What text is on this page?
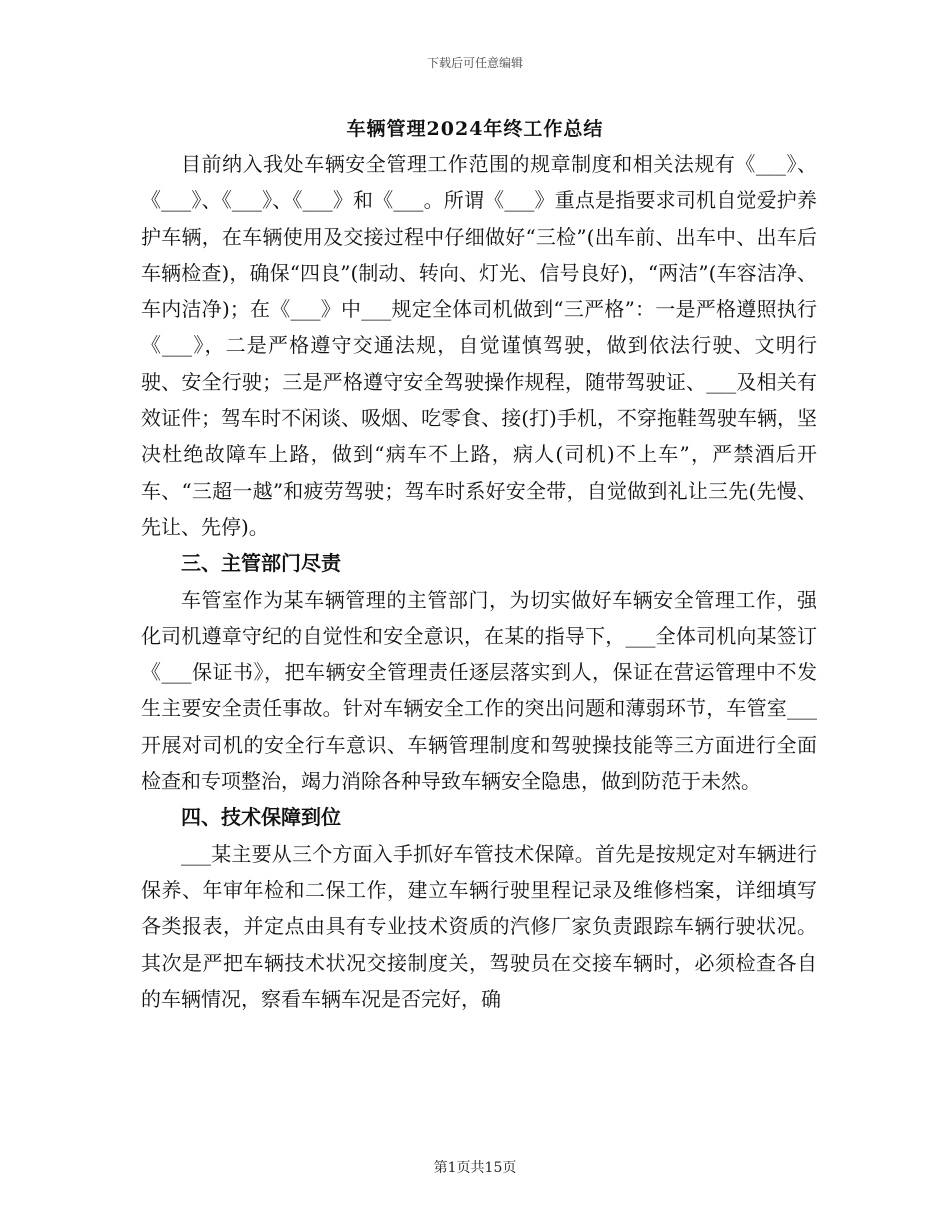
下载后可任意编辑
车辆管理2024年终工作总结

目前纳入我处车辆安全管理工作范围的规章制度和相关法规有《___》、《___》、《___》、《___》和《___。所谓《___》重点是指要求司机自觉爱护养护车辆，在车辆使用及交接过程中仔细做好“三检”(出车前、出车中、出车后车辆检查)，确保“四良”(制动、转向、灯光、信号良好)，“两洁”(车容洁净、车内洁净)；在《___》中___规定全体司机做到“三严格”：一是严格遵照执行《___》，二是严格遵守交通法规，自觉谨慎驾驶，做到依法行驶、文明行驶、安全行驶；三是严格遵守安全驾驶操作规程，随带驾驶证、___及相关有效证件；驾车时不闲谈、吸烟、吃零食、接(打)手机，不穿拖鞋驾驶车辆，坚决杜绝故障车上路，做到“病车不上路，病人(司机)不上车”，严禁酒后开车、“三超一越”和疲劳驾驶；驾车时系好安全带，自觉做到礼让三先(先慢、先让、先停)。

三、主管部门尽责

车管室作为某车辆管理的主管部门，为切实做好车辆安全管理工作，强化司机遵章守纪的自觉性和安全意识，在某的指导下，___全体司机向某签订《___保证书》，把车辆安全管理责任逐层落实到人，保证在营运管理中不发生主要安全责任事故。针对车辆安全工作的突出问题和薄弱环节，车管室___开展对司机的安全行车意识、车辆管理制度和驾驶操技能等三方面进行全面检查和专项整治，竭力消除各种导致车辆安全隐患，做到防范于未然。

四、技术保障到位

___某主要从三个方面入手抓好车管技术保障。首先是按规定对车辆进行保养、年审年检和二保工作，建立车辆行驶里程记录及维修档案，详细填写各类报表，并定点由具有专业技术资质的汽修厂家负责跟踪车辆行驶状况。其次是严把车辆技术状况交接制度关，驾驶员在交接车辆时，必须检查各自的车辆情况，察看车辆车况是否完好，确

第1页共15页
